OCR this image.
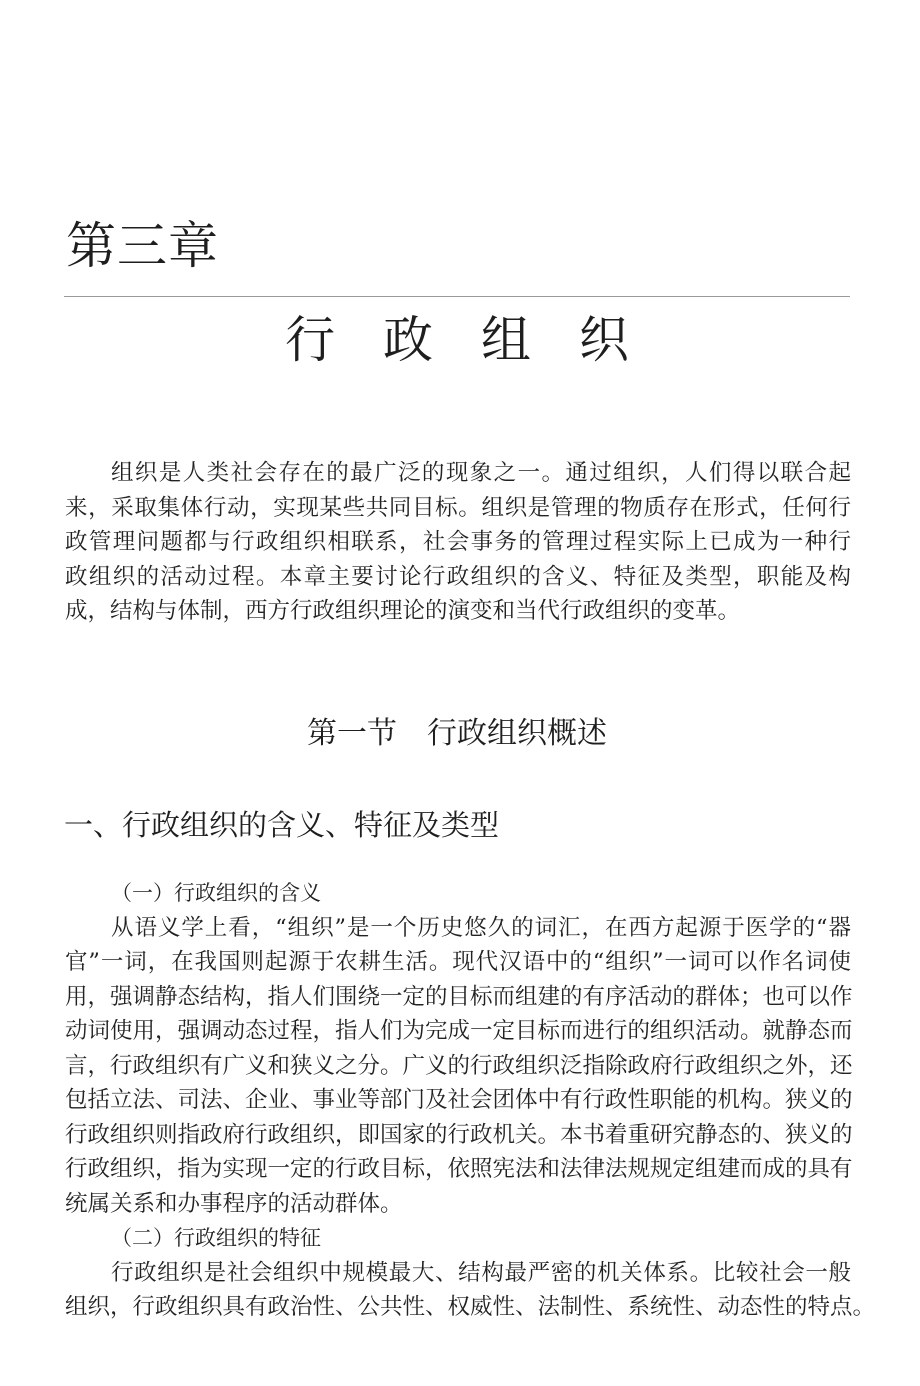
第三章
行 政 组 织
组织是人类社会存在的最广泛的现象之一。通过组织，人们得以联合起
来，采取集体行动，实现某些共同目标。组织是管理的物质存在形式，任何行
政管理问题都与行政组织相联系，社会事务的管理过程实际上已成为一种行
政组织的活动过程。本章主要讨论行政组织的含义、特征及类型，职能及构
成，结构与体制，西方行政组织理论的演变和当代行政组织的变革。
第一节　行政组织概述
一、行政组织的含义、特征及类型
（一）行政组织的含义
从语义学上看，“组织”是一个历史悠久的词汇，在西方起源于医学的“器
官”一词，在我国则起源于农耕生活。现代汉语中的“组织”一词可以作名词使
用，强调静态结构，指人们围绕一定的目标而组建的有序活动的群体；也可以作
动词使用，强调动态过程，指人们为完成一定目标而进行的组织活动。就静态而
言，行政组织有广义和狭义之分。广义的行政组织泛指除政府行政组织之外，还
包括立法、司法、企业、事业等部门及社会团体中有行政性职能的机构。狭义的
行政组织则指政府行政组织，即国家的行政机关。本书着重研究静态的、狭义的
行政组织，指为实现一定的行政目标，依照宪法和法律法规规定组建而成的具有
统属关系和办事程序的活动群体。
（二）行政组织的特征
行政组织是社会组织中规模最大、结构最严密的机关体系。比较社会一般
组织，行政组织具有政治性、公共性、权威性、法制性、系统性、动态性的特点。
